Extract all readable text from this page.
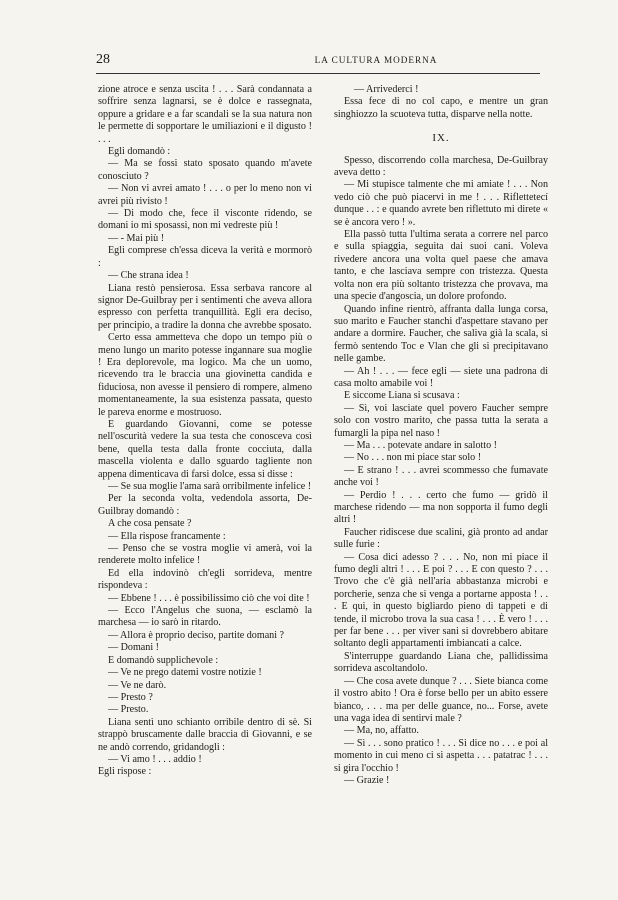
28	LA CULTURA MODERNA

zione atroce e senza uscita ! . . . Sarà condannata a soffrire senza lagnarsi, se è dolce e rassegnata, oppure a gridare e a far scandali se la sua natura non le permette di sopportare le umiliazioni e il digusto ! . . .

Egli domandò :

— Ma se fossi stato sposato quando m'avete conosciuto ?

— Non vi avrei amato ! . . . o per lo meno non vi avrei più rivisto !

— Di modo che, fece il visconte ridendo, se domani io mi sposassi, non mi vedreste più !

— - Mai più !

Egli comprese ch'essa diceva la verità e mormorò :

— Che strana idea !

Liana restò pensierosa. Essa serbava rancore al signor De-Guilbray per i sentimenti che aveva allora espresso con perfetta tranquillità. Egli era deciso, per principio, a tradire la donna che avrebbe sposato.

Certo essa ammetteva che dopo un tempo più o meno lungo un marito potesse ingannare sua moglie ! Era deplorevole, ma logico. Ma che un uomo, ricevendo tra le braccia una giovinetta candida e fiduciosa, non avesse il pensiero di rompere, almeno momentaneamente, la sua esistenza passata, questo le pareva enorme e mostruoso.

E guardando Giovanni, come se potesse nell'oscurità vedere la sua testa che conosceva così bene, quella testa dalla fronte cocciuta, dalla mascella violenta e dallo sguardo tagliente non appena dimenticava di farsi dolce, essa si disse :

— Se sua moglie l'ama sarà orribilmente infelice !

Per la seconda volta, vedendola assorta, De-Guilbray domandò :

A che cosa pensate ?

— Ella rispose francamente :

— Penso che se vostra moglie vi amerà, voi la renderete molto infelice !

Ed ella indovinò ch'egli sorrideva, mentre rispondeva :

— Ebbene ! . . . è possibilissimo ciò che voi dite !

— Ecco l'Angelus che suona, — esclamò la marchesa — io sarò in ritardo.

— Allora è proprio deciso, partite domani ?

— Domani !

E domandò supplichevole :

— Ve ne prego datemi vostre notizie !

— Ve ne darò.

— Presto ?

— Presto.

Liana sentì uno schianto orribile dentro di sè. Si strappò bruscamente dalle braccia di Giovanni, e se ne andò correndo, gridandogli :

— Vi amo ! . . . addio !

Egli rispose :

— Arrivederci !

Essa fece di no col capo, e mentre un gran singhiozzo la scuoteva tutta, disparve nella notte.

IX.

Spesso, discorrendo colla marchesa, De-Guilbray aveva detto :

— Mi stupisce talmente che mi amiate ! . . . Non vedo ciò che può piacervi in me ! . . . Riflettetecí dunque . . : e quando avrete ben riflettuto mi direte « se è ancora vero ! ».

Ella passò tutta l'ultima serata a correre nel parco e sulla spiaggia, seguita dai suoi cani. Voleva rivedere ancora una volta quel paese che amava tanto, e che lasciava sempre con tristezza. Questa volta non era più soltanto tristezza che provava, ma una specie d'angoscia, un dolore profondo.

Quando infine rientrò, affranta dalla lunga corsa, suo marito e Faucher stanchi d'aspettare stavano per andare a dormire. Faucher, che saliva già la scala, si fermò sentendo Toc e Vlan che gli si precipitavano nelle gambe.

— Ah ! . . . — fece egli — siete una padrona di casa molto amabile voi !

E siccome Liana si scusava :

— Sì, voi lasciate quel povero Faucher sempre solo con vostro marito, che passa tutta la serata a fumargli la pipa nel naso !

— Ma . . . potevate andare in salotto !

— No . . . non mi piace star solo !

— E strano ! . . . avrei scommesso che fumavate anche voi !

— Perdio ! . . . certo che fumo — gridò il marchese ridendo — ma non sopporta il fumo degli altri !

Faucher ridiscese due scalini, già pronto ad andar sulle furie :

— Cosa dici adesso ? . . . No, non mi piace il fumo degli altri ! . . . E poi ? . . . E con questo ? . . . Trovo che c'è già nell'aria abbastanza microbi e porcherie, senza che si venga a portarne apposta ! . . . E qui, in questo bigliardo pieno di tappeti e di tende, il microbo trova la sua casa ! . . . È vero ! . . . per far bene . . . per viver sani si dovrebbero abitare soltanto degli appartamenti imbiancati a calce.

S'interruppe guardando Liana che, pallidissima sorrideva ascoltandolo.

— Che cosa avete dunque ? . . . Siete bianca come il vostro abito ! Ora è forse bello per un abito essere bianco, . . . ma per delle guance, no... Forse, avete una vaga idea di sentirvi male ?

— Ma, no, affatto.

— Sì . . . sono pratico ! . . . Si dice no . . . e poi al momento in cui meno ci si aspetta . . . patatrac ! . . . si gira l'occhio !

— Grazie !
